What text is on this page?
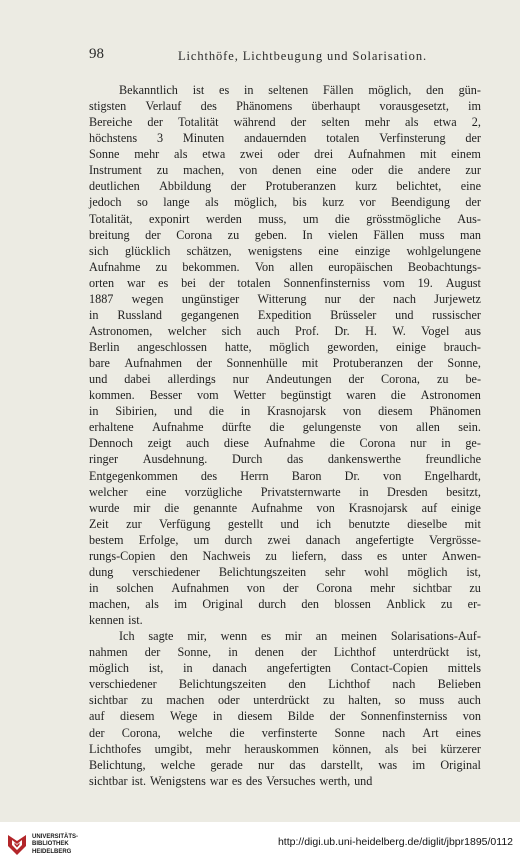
98	Lichthöfe, Lichtbeugung und Solarisation.
Bekanntlich ist es in seltenen Fällen möglich, den gün-
stigsten Verlauf des Phänomens überhaupt vorausgesetzt, im
Bereiche der Totalität während der selten mehr als etwa 2,
höchstens 3 Minuten andauernden totalen Verfinsterung der
Sonne mehr als etwa zwei oder drei Aufnahmen mit einem
Instrument zu machen, von denen eine oder die andere zur
deutlichen Abbildung der Protuberanzen kurz belichtet, eine
jedoch so lange als möglich, bis kurz vor Beendigung der
Totalität, exponirt werden muss, um die grösstmögliche Aus-
breitung der Corona zu geben. In vielen Fällen muss man
sich glücklich schätzen, wenigstens eine einzige wohlgelungene
Aufnahme zu bekommen. Von allen europäischen Beobachtungs-
orten war es bei der totalen Sonnenfinsterniss vom 19. August
1887 wegen ungünstiger Witterung nur der nach Jurjewetz
in Russland gegangenen Expedition Brüsseler und russischer
Astronomen, welcher sich auch Prof. Dr. H. W. Vogel aus
Berlin angeschlossen hatte, möglich geworden, einige brauch-
bare Aufnahmen der Sonnenhülle mit Protuberanzen der Sonne,
und dabei allerdings nur Andeutungen der Corona, zu be-
kommen. Besser vom Wetter begünstigt waren die Astronomen
in Sibirien, und die in Krasnojarsk von diesem Phänomen
erhaltene Aufnahme dürfte die gelungenste von allen sein.
Dennoch zeigt auch diese Aufnahme die Corona nur in ge-
ringer Ausdehnung. Durch das dankenswerthe freundliche
Entgegenkommen des Herrn Baron Dr. von Engelhardt,
welcher eine vorzügliche Privatsternwarte in Dresden besitzt,
wurde mir die genannte Aufnahme von Krasnojarsk auf einige
Zeit zur Verfügung gestellt und ich benutzte dieselbe mit
bestem Erfolge, um durch zwei danach angefertigte Vergrösse-
rungs-Copien den Nachweis zu liefern, dass es unter Anwen-
dung verschiedener Belichtungszeiten sehr wohl möglich ist,
in solchen Aufnahmen von der Corona mehr sichtbar zu
machen, als im Original durch den blossen Anblick zu er-
kennen ist.
Ich sagte mir, wenn es mir an meinen Solarisations-Auf-
nahmen der Sonne, in denen der Lichthof unterdrückt ist,
möglich ist, in danach angefertigten Contact-Copien mittels
verschiedener Belichtungszeiten den Lichthof nach Belieben
sichtbar zu machen oder unterdrückt zu halten, so muss auch
auf diesem Wege in diesem Bilde der Sonnenfinsterniss von
der Corona, welche die verfinsterte Sonne nach Art eines
Lichthofes umgibt, mehr herauskommen können, als bei kürzerer
Belichtung, welche gerade nur das darstellt, was im Original
sichtbar ist. Wenigstens war es des Versuches werth, und
UNIVERSITÄTS-
BIBLIOTHEK
HEIDELBERG
http://digi.ub.uni-heidelberg.de/diglit/jbpr1895/0112
